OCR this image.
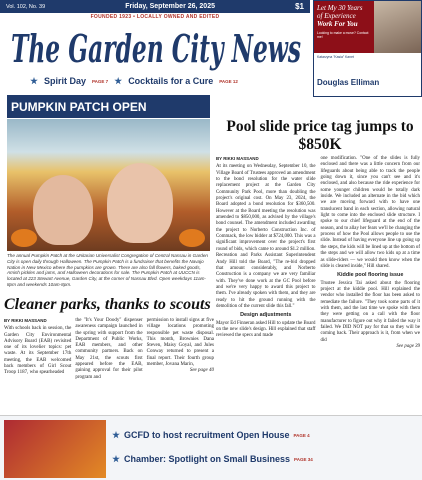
Vol. 102, No. 39	Friday, September 26, 2025	$1
FOUNDED 1923 • LOCALLY OWNED AND EDITED
The Garden City News
Spirit Day PAGE 7 Cocktails for a Cure PAGE 12
Let My 30 Years
of Experience
Work For You
Looking to make a move? Contact me!
Katarzyna "Kasia" Kanet
Douglas Elliman
PUMPKIN PATCH OPEN
The annual Pumpkin Patch at the Unitarian Universalist Congregation of Central Nassau in Garden City is open daily through Halloween. The Pumpkin Patch is a fundraiser that benefits the Navajo Nation in New Mexico where the pumpkins are grown. There are also fall flowers, baked goods, Amish pickles and jams, and Halloween decorations for sale. The Pumpkin Patch at UUCCN is located at 223 Stewart Avenue, Garden City, at the corner of Nassau Blvd. Open weekdays 11am-8pm and weekends 10am-8pm.
Cleaner parks, thanks to scouts
BY RIKKI MASSAND
With schools back in session, the Garden City Environmental Advisory Board (EAB) revisited one of its lovelier topics: pet waste. At its September 17th meeting, the EAB welcomed back members of Girl Scout Troop 1187, who spearheaded
the "It's Your Doody" dispenser awareness campaign launched in the spring with support from the Department of Public Works, EAB members, and other community partners. Back on May 21st, the scouts first appeared before the EAB, gaining approval for their pilot program and
permission to install signs at five village locations promoting responsible pet waste disposal. This month, Brownies Dana Steven, Maisy Goyal, and Jules Conway returned to present a final report. Their fourth group member, Jovana Marin,
See page 40
Pool slide price tag jumps to $850K
BY RIKKI MASSAND
At its meeting on Wednesday, September 10, the Village Board of Trustees approved an amendment to the bond resolution for the water slide replacement project at the Garden City Community Park Pool, more than doubling the project's original cost. On May 23, 2024, the Board adopted a bond resolution for $360,500. However at the Board meeting the resolution was amended to $850,000, as advised by the village's bond counsel. The amendment included awarding the project to Norberto Construction Inc. of Commack, the low bidder at $724,000. This was a significant improvement over the project's first round of bids, which came to around $1.2 million. Recreation and Parks Assistant Superintendent Andy Hill told the Board, "The re-bid dropped that amount considerably, and Norberto Construction is a company we are very familiar with. They've done work at the GC Pool before and we're very happy to award this project to them. I've already spoken with them, and they are ready to hit the ground running with the demolition of the current slide this fall."
Design adjustments
Mayor Ed Finneran asked Hill to update the Board on the new slide's design. Hill explained that staff reviewed the specs and made
one modification. "One of the slides is fully enclosed and there was a little concern from our lifeguards about being able to track the people going down it, since you can't see and it's enclosed, and also because the ride experience for some younger children would be totally dark inside. We included an alternate in the bid which we are moving forward with to have one translucent band in each section, allowing natural light to come into the enclosed slide structure. I spoke to our chief lifeguard at the end of the season, and to allay her fears we'll be changing the process of how the Pool allows people to use the slide. Instead of having everyone line up going up the steps, the kids will be lined up at the bottom of the steps and we will allow two kids up at a time as slide-riders — we would then know when the slide is cleared inside," Hill shared.
Kiddie pool flooring issue
Trustee Jessica Tai asked about the flooring project at the kiddie pool. Hill explained the vendor who installed the floor has been asked to remediate the failure. "They took some parts of it with them, and the last time we spoke with them they were getting on a call with the floor manufacturer to figure out why it failed the way it failed. We DID NOT pay for that so they will be coming back. Their approach is it, from when we did
See page 39
GCFD to host recruitment Open House PAGE 4
Chamber: Spotlight on Small Business PAGE 34
